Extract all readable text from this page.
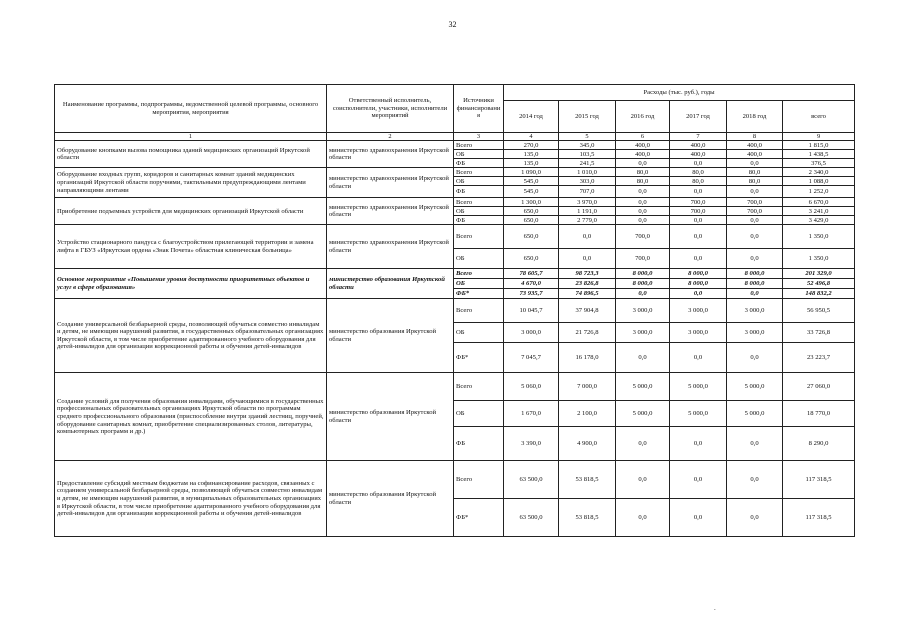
32
Наименование программы, подпрограммы, ведомственной целевой программы, основного мероприятия, мероприятия	Ответственный исполнитель, соисполнители, участники, исполнители мероприятий	Источники финансировани я	Расходы (тыс. руб.), годы					
			2014 год	2015 год	2016 год	2017 год	2018 год	всего
1	2	3	4	5	6	7	8	9
Оборудование кнопками вызова помощника зданий медицинских организаций Иркутской области	министерство здравоохранения Иркутской области	Всего	270,0	345,0	400,0	400,0	400,0	1 815,0
		ОБ	135,0	103,5	400,0	400,0	400,0	1 438,5
		ФБ	135,0	241,5	0,0	0,0	0,0	376,5
Оборудование входных групп, коридоров и санитарных комнат зданий медицинских организаций Иркутской области поручнями, тактильными предупреждающими лентами направляющими лентами	министерство здравоохранения Иркутской области	Всего	1 090,0	1 010,0	80,0	80,0	80,0	2 340,0
		ОБ	545,0	303,0	80,0	80,0	80,0	1 088,0
		ФБ	545,0	707,0	0,0	0,0	0,0	1 252,0
Приобретение подъемных устройств для медицинских организаций Иркутской области	министерство здравоохранения Иркутской области	Всего	1 300,0	3 970,0	0,0	700,0	700,0	6 670,0
		ОБ	650,0	1 191,0	0,0	700,0	700,0	3 241,0
		ФБ	650,0	2 779,0	0,0	0,0	0,0	3 429,0
Устройство стационарного пандуса с благоустройством прилегающей территории и замена лифта в ГБУЗ «Иркутская ордена «Знак Почета» областная клиническая больница»	министерство здравоохранения Иркутской области	Всего	650,0	0,0	700,0	0,0	0,0	1 350,0
		ОБ	650,0	0,0	700,0	0,0	0,0	1 350,0
Основное мероприятие «Повышение уровня доступности приоритетных объектов и услуг в сфере образования»	министерство образования Иркутской области	Всего	78 605,7	98 723,3	8 000,0	8 000,0	8 000,0	201 329,0
		ОБ	4 670,0	23 826,8	8 000,0	8 000,0	8 000,0	52 496,8
		ФБ*	73 935,7	74 896,5	0,0	0,0	0,0	148 832,2
Создание универсальной безбарьерной среды, позволяющей обучаться совместно инвалидам и детям, не имеющим нарушений развития, в государственных образовательных организациях Иркутской области, в том числе приобретение адаптированного учебного оборудования для детей-инвалидов для организации коррекционной работы и обучения детей-инвалидов	министерство образования Иркутской области	Всего	10 045,7	37 904,8	3 000,0	3 000,0	3 000,0	56 950,5
		ОБ	3 000,0	21 726,8	3 000,0	3 000,0	3 000,0	33 726,8
		ФБ*	7 045,7	16 178,0	0,0	0,0	0,0	23 223,7
Создание условий для получения образования инвалидами, обучающимися в государственных профессиональных образовательных организациях Иркутской области по программам среднего профессионального образования (приспособление внутри зданий лестниц, поручней, оборудование санитарных комнат, приобретение специализированных столов, литературы, компьютерных программ и др.)	министерство образования Иркутской области	Всего	5 060,0	7 000,0	5 000,0	5 000,0	5 000,0	27 060,0
		ОБ	1 670,0	2 100,0	5 000,0	5 000,0	5 000,0	18 770,0
		ФБ	3 390,0	4 900,0	0,0	0,0	0,0	8 290,0
Предоставление субсидий местным бюджетам на софинансирование расходов, связанных с созданием универсальной безбарьерной среды, позволяющей обучаться совместно инвалидам и детям, не имеющим нарушений развития, в муниципальных образовательных организациях в Иркутской области, в том числе приобретение адаптированного учебного оборудования для детей-инвалидов для организации коррекционной работы и обучения детей-инвалидов	министерство образования Иркутской области	Всего	63 500,0	53 818,5	0,0	0,0	0,0	117 318,5
		ФБ*	63 500,0	53 818,5	0,0	0,0	0,0	117 318,5
.
